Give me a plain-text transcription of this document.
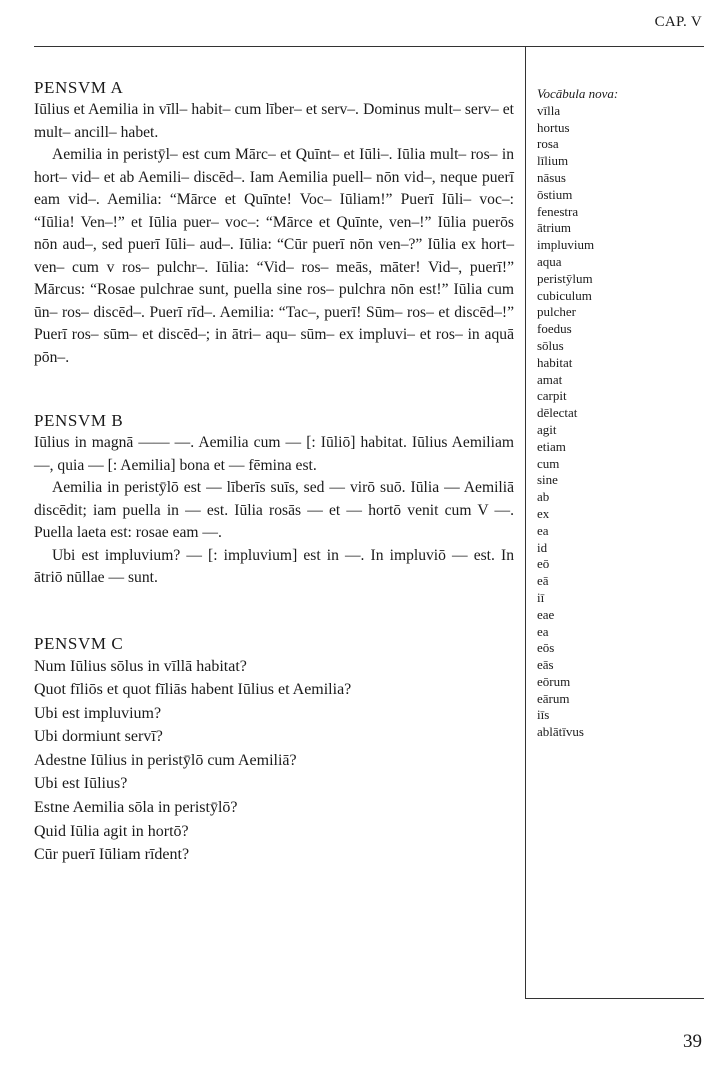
CAP. V
PENSVM A

Iūlius et Aemilia in vīll– habit– cum līber– et serv–. Dominus mult– serv– et mult– ancill– habet.

Aemilia in peristȳl– est cum Mārc– et Quīnt– et Iūli–. Iūlia mult– ros– in hort– vid– et ab Aemili– discēd–. Iam Aemilia puell– nōn vid–, neque puerī eam vid–. Aemilia: “Mārce et Quīnte! Voc– Iūliam!” Puerī Iūli– voc–: “Iūlia! Ven–!” et Iūlia puer– voc–: “Mārce et Quīnte, ven–!” Iūlia puerōs nōn aud–, sed puerī Iūli– aud–. Iūlia: “Cūr puerī nōn ven–?” Iūlia ex hort– ven– cum v ros– pulchr–. Iūlia: “Vid– ros– meās, māter! Vid–, puerī!” Mārcus: “Rosae pulchrae sunt, puella sine ros– pulchra nōn est!” Iūlia cum ūn– ros– discēd–. Puerī rīd–. Aemilia: “Tac–, puerī! Sūm– ros– et discēd–!” Puerī ros– sūm– et discēd–; in ātri– aqu– sūm– ex impluvi– et ros– in aquā pōn–.

PENSVM B

Iūlius in magnā —— —. Aemilia cum — [: Iūliō] habitat. Iūlius Aemiliam —, quia — [: Aemilia] bona et — fēmina est.

Aemilia in peristȳlō est — līberīs suīs, sed — virō suō. Iūlia — Aemiliā discēdit; iam puella in — est. Iūlia rosās — et — hortō venit cum V —. Puella laeta est: rosae eam —.

Ubi est impluvium? — [: impluvium] est in —. In impluviō — est. In ātriō nūllae — sunt.

PENSVM C

Num Iūlius sōlus in vīllā habitat?

Quot fīliōs et quot fīliās habent Iūlius et Aemilia?

Ubi est impluvium?

Ubi dormiunt servī?

Adestne Iūlius in peristȳlō cum Aemiliā?

Ubi est Iūlius?

Estne Aemilia sōla in peristȳlō?

Quid Iūlia agit in hortō?

Cūr puerī Iūliam rīdent?

Vocābula nova:
vīlla
hortus
rosa
līlium
nāsus
ōstium
fenestra
ātrium
impluvium
aqua
peristȳlum
cubiculum
pulcher
foedus
sōlus
habitat
amat
carpit
dēlectat
agit
etiam
cum
sine
ab
ex
ea
id
eō
eā
iī
eae
ea
eōs
eās
eōrum
eārum
iīs
ablātīvus
39
